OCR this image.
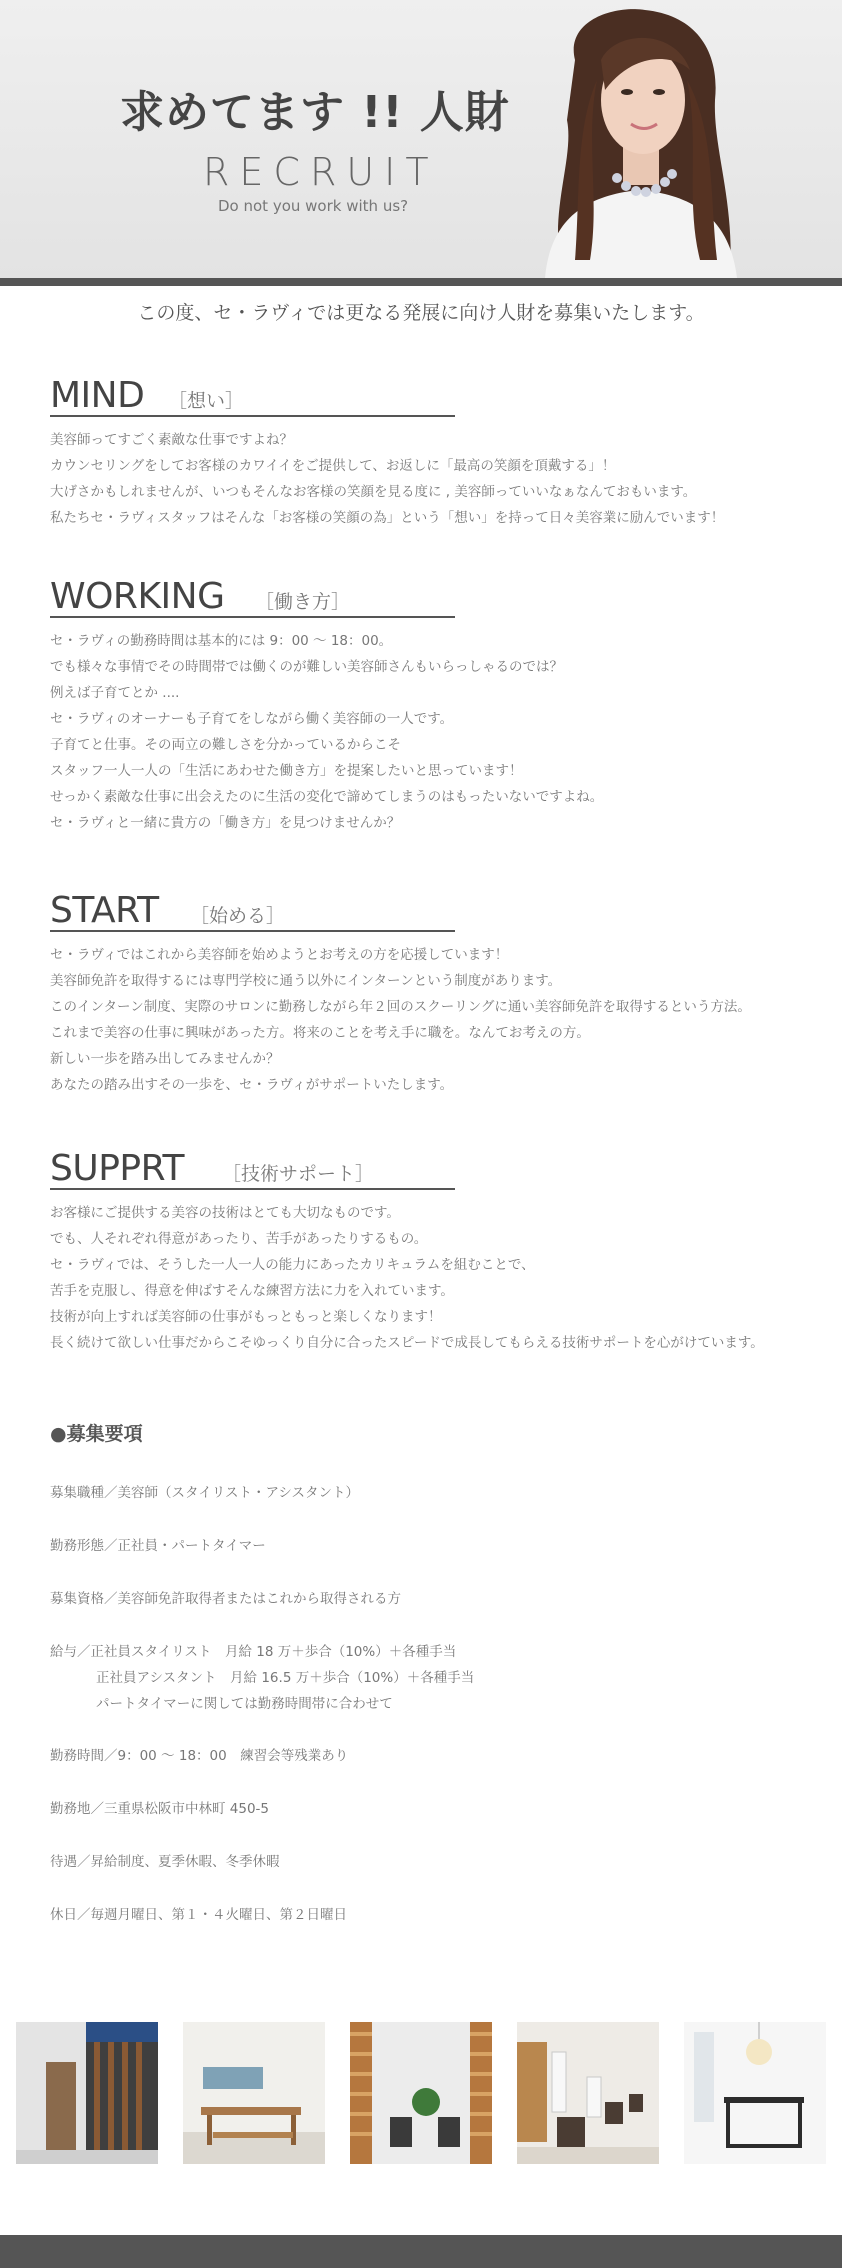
求めてます !! 人財
RECRUIT
Do not you work with us?
この度、セ・ラヴィでは更なる発展に向け人財を募集いたします。
MIND ［想い］

美容師ってすごく素敵な仕事ですよね？

カウンセリングをしてお客様のカワイイをご提供して、お返しに「最高の笑顔を頂戴する」！

大げさかもしれませんが、いつもそんなお客様の笑顔を見る度に , 美容師っていいなぁなんておもいます。

私たちセ・ラヴィスタッフはそんな「お客様の笑顔の為」という「想い」を持って日々美容業に励んでいます！

WORKING ［働き方］

セ・ラヴィの勤務時間は基本的には 9：00 ～ 18：00。

でも様々な事情でその時間帯では働くのが難しい美容師さんもいらっしゃるのでは？

例えば子育てとか ....

セ・ラヴィのオーナーも子育てをしながら働く美容師の一人です。

子育てと仕事。その両立の難しさを分かっているからこそ

スタッフ一人一人の「生活にあわせた働き方」を提案したいと思っています！

せっかく素敵な仕事に出会えたのに生活の変化で諦めてしまうのはもったいないですよね。

セ・ラヴィと一緒に貴方の「働き方」を見つけませんか？

START ［始める］

セ・ラヴィではこれから美容師を始めようとお考えの方を応援しています！

美容師免許を取得するには専門学校に通う以外にインターンという制度があります。

このインターン制度、実際のサロンに勤務しながら年２回のスクーリングに通い美容師免許を取得するという方法。

これまで美容の仕事に興味があった方。将来のことを考え手に職を。なんてお考えの方。

新しい一歩を踏み出してみませんか？

あなたの踏み出すその一歩を、セ・ラヴィがサポートいたします。

SUPPRT ［技術サポート］

お客様にご提供する美容の技術はとても大切なものです。

でも、人それぞれ得意があったり、苦手があったりするもの。

セ・ラヴィでは、そうした一人一人の能力にあったカリキュラムを組むことで、

苦手を克服し、得意を伸ばすそんな練習方法に力を入れています。

技術が向上すれば美容師の仕事がもっともっと楽しくなります！

長く続けて欲しい仕事だからこそゆっくり自分に合ったスピードで成長してもらえる技術サポートを心がけています。

●募集要項
募集職種／美容師（スタイリスト・アシスタント）
勤務形態／正社員・パートタイマー
募集資格／美容師免許取得者またはこれから取得される方

給与／正社員スタイリスト　月給 18 万＋歩合（10%）＋各種手当

正社員アシスタント　月給 16.5 万＋歩合（10%）＋各種手当

パートタイマーに関しては勤務時間帯に合わせて

勤務時間／9：00 ～ 18：00　練習会等残業あり
勤務地／三重県松阪市中林町 450-5
待遇／昇給制度、夏季休暇、冬季休暇
休日／毎週月曜日、第１・４火曜日、第２日曜日
